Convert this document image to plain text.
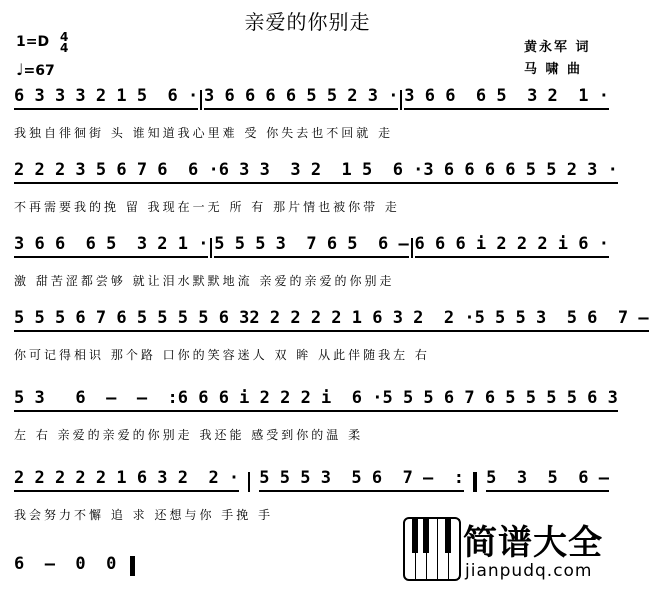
亲爱的你别走
1=D 4
4
♩=67
黄永军 词
马 啸 曲
6 3 3 3 2 1 5  6 · 3 6 6 6 6 5 5 2 3 · 3 6 6  6 5  3 2  1 ·
我独自徘徊街 头 谁知道我心里难 受 你失去也不回就 走
2 2 2 3 5 6 7 6  6 · 6 3 3  3 2  1 5  6 · 3 6 6 6 6 5 5 2 3 ·
不再需要我的挽 留 我现在一无 所 有 那片情也被你带 走
3 6 6  6 5  3 2 1 · 5 5 5 3  7 6 5  6 – 6 6 6 i 2 2 2 i 6 ·
激 甜苦涩都尝够 就让泪水默默地流 亲爱的亲爱的你别走
5 5 5 6 7 6 5 5 5 5 6 3 2 2 2 2 2 1 6 3 2  2 · 5 5 5 3  5 6  7 –
你可记得相识 那个路 口你的笑容迷人 双 眸 从此伴随我左 右
5 3   6  –  –  : 6 6 6 i 2 2 2 i  6 · 5 5 5 6 7 6 5 5 5 5 6 3
左 右 亲爱的亲爱的你别走 我还能 感受到你的温 柔
2 2 2 2 2 1 6 3 2  2 · 5 5 5 3  5 6  7 –  : 5  3  5  6 –
我会努力不懈 追 求 还想与你 手挽 手
6  –  0  0
简谱大全
jianpudq.com
